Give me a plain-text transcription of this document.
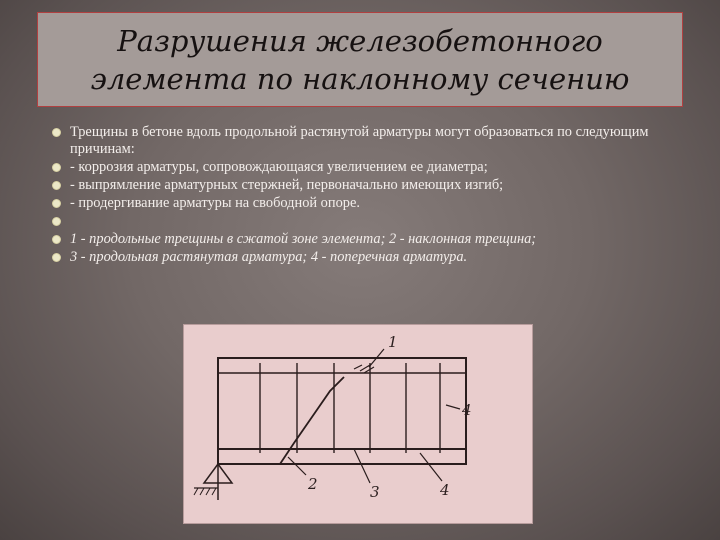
Разрушения железобетонного
элемента по наклонному сечению
Трещины в бетоне вдоль продольной растянутой арматуры могут образоваться по следующим причинам:
- коррозия арматуры, сопровождающаяся увеличением ее диаметра;
- выпрямление арматурных стержней, первоначально имеющих изгиб;
- продергивание арматуры на свободной опоре.
1 - продольные трещины в сжатой зоне элемента; 2 - наклонная трещина;
3 - продольная растянутая арматура; 4 - поперечная арматура.
1
2	3	4
4
